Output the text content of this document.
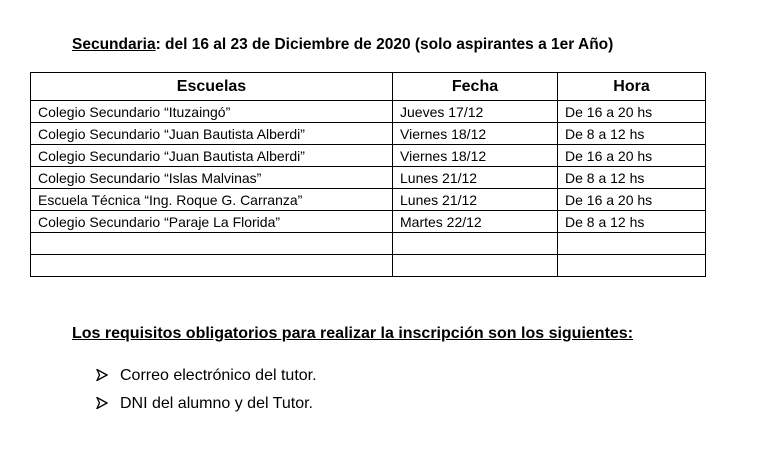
Secundaria: del 16 al 23 de Diciembre de 2020 (solo aspirantes a 1er Año)
Escuelas	Fecha	Hora
Colegio Secundario “Ituzaingó”	Jueves 17/12	De 16 a 20 hs
Colegio Secundario “Juan Bautista Alberdi”	Viernes 18/12	De 8 a 12 hs
Colegio Secundario “Juan Bautista Alberdi”	Viernes 18/12	De 16 a 20 hs
Colegio Secundario “Islas Malvinas”	Lunes 21/12	De 8 a 12 hs
Escuela Técnica “Ing. Roque G. Carranza”	Lunes 21/12	De 16 a 20 hs
Colegio Secundario “Paraje La Florida”	Martes 22/12	De 8 a 12 hs

Los requisitos obligatorios para realizar la inscripción son los siguientes:
Correo electrónico del tutor.
DNI del alumno y del Tutor.
